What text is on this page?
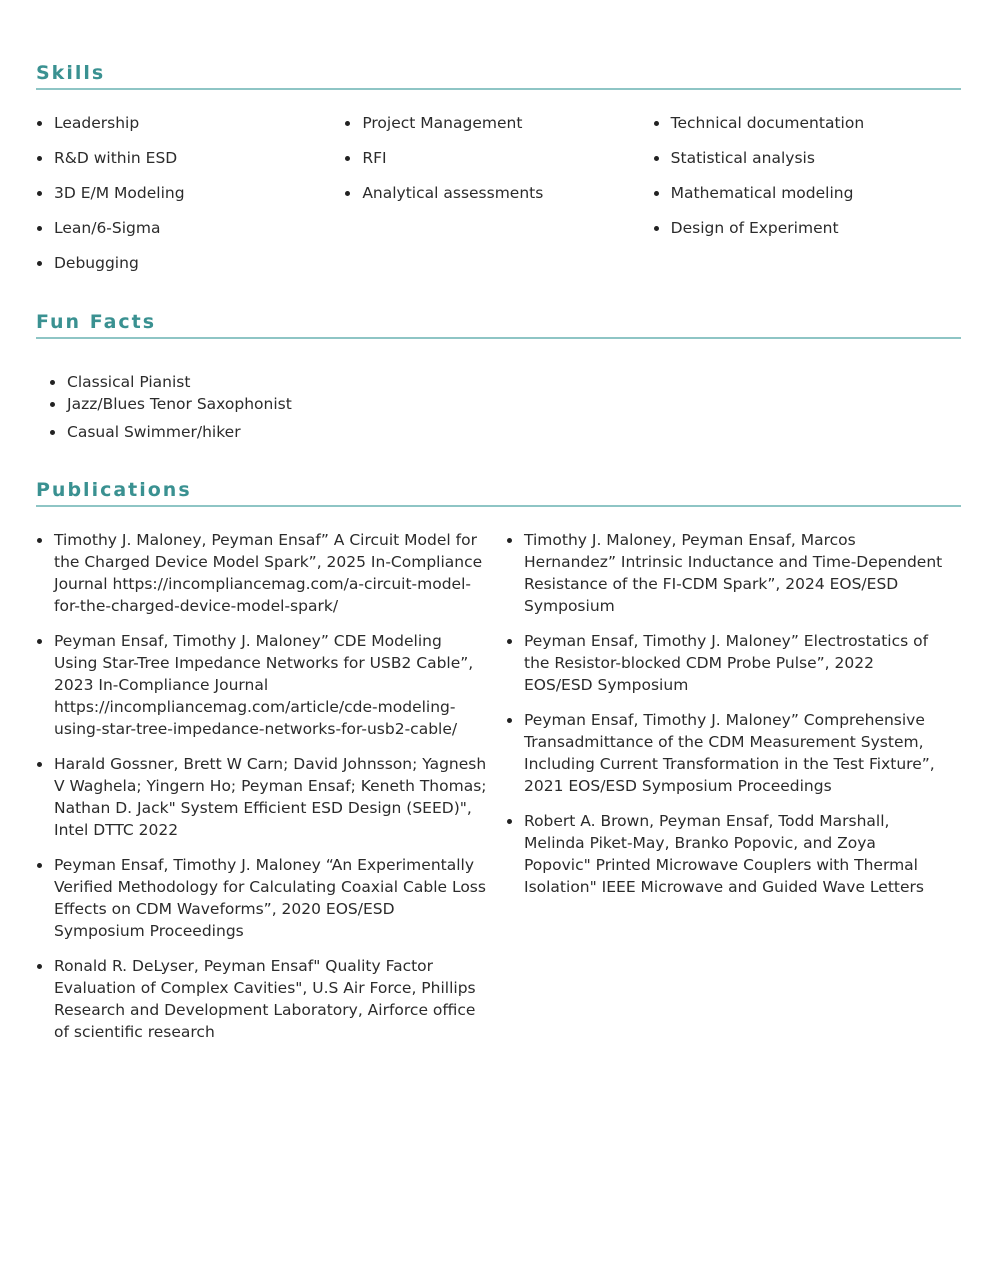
Skills
Leadership
R&D within ESD
3D E/M Modeling
Lean/6-Sigma
Debugging
Project Management
RFI
Analytical assessments
Technical documentation
Statistical analysis
Mathematical modeling
Design of Experiment
Fun Facts
Classical Pianist
Jazz/Blues Tenor Saxophonist
Casual Swimmer/hiker
Publications
Timothy J. Maloney, Peyman Ensaf” A Circuit Model for the Charged Device Model Spark”, 2025 In-Compliance Journal https://incompliancemag.com/a-circuit-model-for-the-charged-device-model-spark/
Peyman Ensaf, Timothy J. Maloney” CDE Modeling Using Star-Tree Impedance Networks for USB2 Cable”, 2023 In-Compliance Journal https://incompliancemag.com/article/cde-modeling-using-star-tree-impedance-networks-for-usb2-cable/
Harald Gossner, Brett W Carn; David Johnsson; Yagnesh V Waghela; Yingern Ho; Peyman Ensaf; Keneth Thomas; Nathan D. Jack" System Efficient ESD Design (SEED)", Intel DTTC 2022
Peyman Ensaf, Timothy J. Maloney “An Experimentally Verified Methodology for Calculating Coaxial Cable Loss Effects on CDM Waveforms”, 2020 EOS/ESD Symposium Proceedings
Ronald R. DeLyser, Peyman Ensaf" Quality Factor Evaluation of Complex Cavities", U.S Air Force, Phillips Research and Development Laboratory, Airforce office of scientific research
Timothy J. Maloney, Peyman Ensaf, Marcos Hernandez” Intrinsic Inductance and Time-Dependent Resistance of the FI-CDM Spark”, 2024 EOS/ESD Symposium
Peyman Ensaf, Timothy J. Maloney” Electrostatics of the Resistor-blocked CDM Probe Pulse”, 2022 EOS/ESD Symposium
Peyman Ensaf, Timothy J. Maloney” Comprehensive Transadmittance of the CDM Measurement System, Including Current Transformation in the Test Fixture”, 2021 EOS/ESD Symposium Proceedings
Robert A. Brown, Peyman Ensaf, Todd Marshall, Melinda Piket-May, Branko Popovic, and Zoya Popovic" Printed Microwave Couplers with Thermal Isolation" IEEE Microwave and Guided Wave Letters
